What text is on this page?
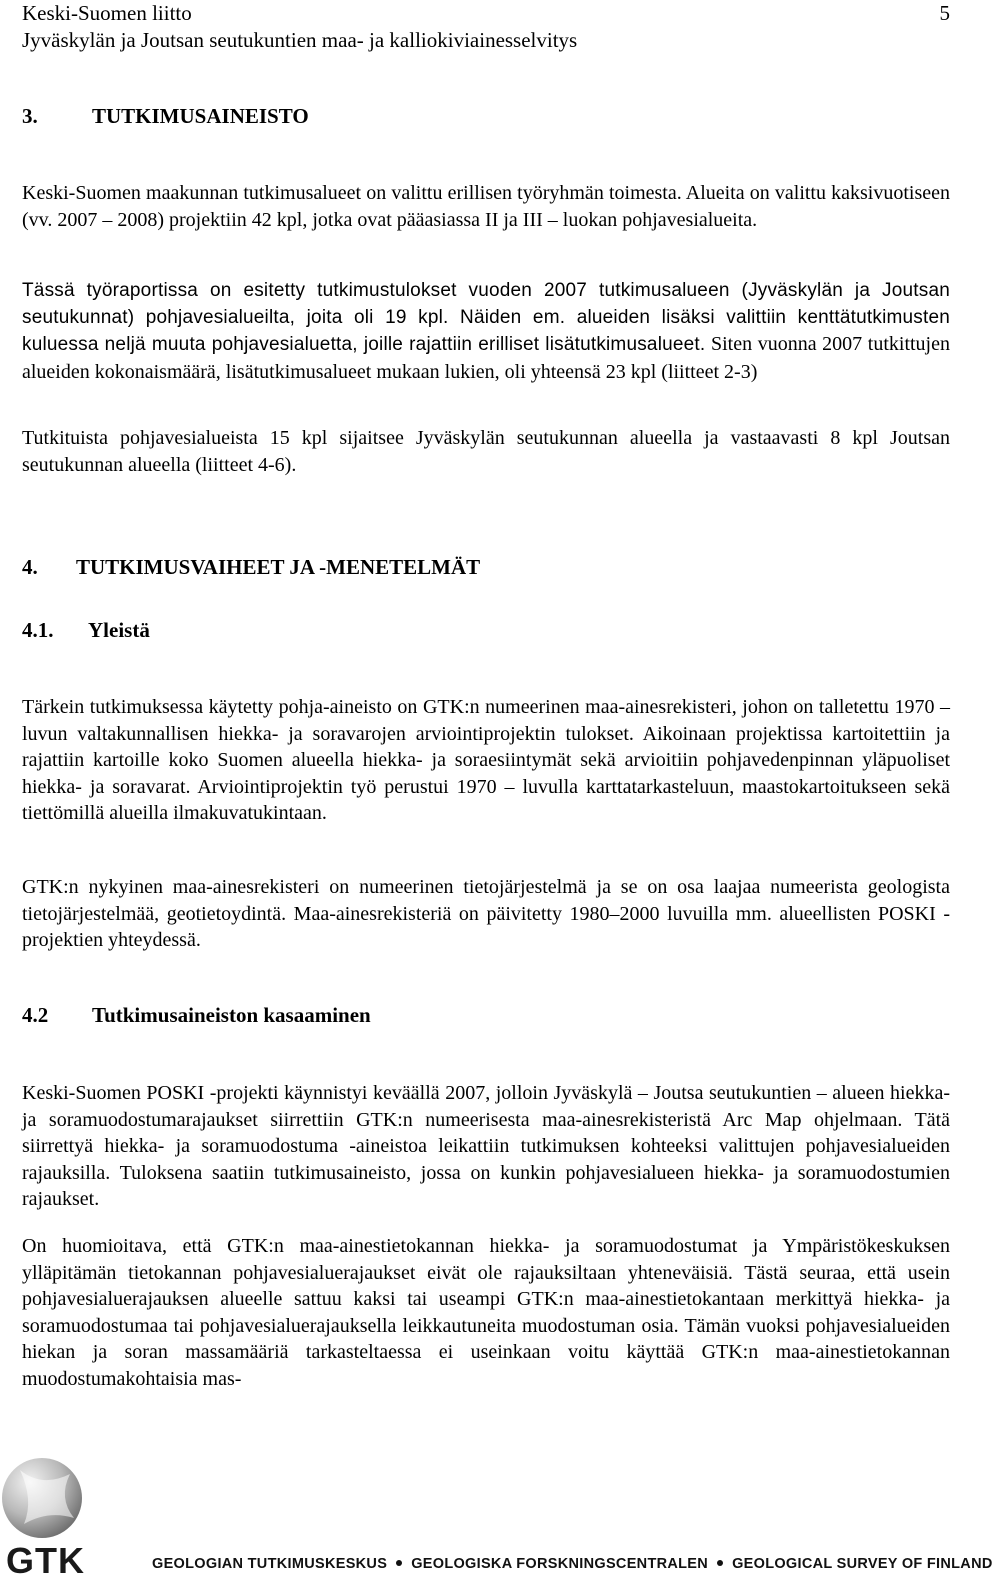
Keski-Suomen liitto	5
Jyväskylän ja Joutsan seutukuntien maa- ja kalliokiviainesselvitys
3.	TUTKIMUSAINEISTO
Keski-Suomen maakunnan tutkimusalueet on valittu erillisen työryhmän toimesta. Alueita on valittu kaksivuotiseen (vv. 2007 – 2008) projektiin 42 kpl, jotka ovat pääasiassa II ja III – luokan pohjavesialueita.
Tässä työraportissa on esitetty tutkimustulokset vuoden 2007 tutkimusalueen (Jyväskylän ja Joutsan seutukunnat) pohjavesialueilta, joita oli 19 kpl. Näiden em. alueiden lisäksi valittiin kenttätutkimusten kuluessa neljä muuta pohjavesialuetta, joille rajattiin erilliset lisätutkimusalueet. Siten vuonna 2007 tutkittujen alueiden kokonaismäärä, lisätutkimusalueet mukaan lukien, oli yhteensä 23 kpl (liitteet 2-3)
Tutkituista pohjavesialueista 15 kpl sijaitsee Jyväskylän seutukunnan alueella ja vastaavasti 8 kpl Joutsan seutukunnan alueella (liitteet 4-6).
4. TUTKIMUSVAIHEET JA -MENETELMÄT
4.1. Yleistä
Tärkein tutkimuksessa käytetty pohja-aineisto on GTK:n numeerinen maa-ainesrekisteri, johon on talletettu 1970 – luvun valtakunnallisen hiekka- ja soravarojen arviointiprojektin tulokset. Aikoinaan projektissa kartoitettiin ja rajattiin kartoille koko Suomen alueella hiekka- ja soraesiintymät sekä arvioitiin pohjavedenpinnan yläpuoliset hiekka- ja soravarat. Arviointiprojektin työ perustui 1970 – luvulla karttatarkasteluun, maastokartoitukseen sekä tiettömillä alueilla ilmakuvatukintaan.
GTK:n nykyinen maa-ainesrekisteri on numeerinen tietojärjestelmä ja se on osa laajaa numeerista geologista tietojärjestelmää, geotietoydintä. Maa-ainesrekisteriä on päivitetty 1980–2000 luvuilla mm. alueellisten POSKI -projektien yhteydessä.
4.2 Tutkimusaineiston kasaaminen
Keski-Suomen POSKI -projekti käynnistyi keväällä 2007, jolloin Jyväskylä – Joutsa seutukuntien – alueen hiekka- ja soramuodostumarajaukset siirrettiin GTK:n numeerisesta maa-ainesrekisteristä Arc Map ohjelmaan. Tätä siirrettyä hiekka- ja soramuodostuma -aineistoa leikattiin tutkimuksen kohteeksi valittujen pohjavesialueiden rajauksilla. Tuloksena saatiin tutkimusaineisto, jossa on kunkin pohjavesialueen hiekka- ja soramuodostumien rajaukset.
On huomioitava, että GTK:n maa-ainestietokannan hiekka- ja soramuodostumat ja Ympäristökeskuksen ylläpitämän tietokannan pohjavesialuerajaukset eivät ole rajauksiltaan yhteneväisiä. Tästä seuraa, että usein pohjavesialuerajauksen alueelle sattuu kaksi tai useampi GTK:n maa-ainestietokantaan merkittyä hiekka- ja soramuodostumaa tai pohjavesialuerajauksella leikkautuneita muodostuman osia. Tämän vuoksi pohjavesialueiden hiekan ja soran massamääriä tarkasteltaessa ei useinkaan voitu käyttää GTK:n maa-ainestietokannan muodostumakohtaisia mas-
GTK	GEOLOGIAN TUTKIMUSKESKUS GEOLOGISKA FORSKNINGSCENTRALEN GEOLOGICAL SURVEY OF FINLAND
